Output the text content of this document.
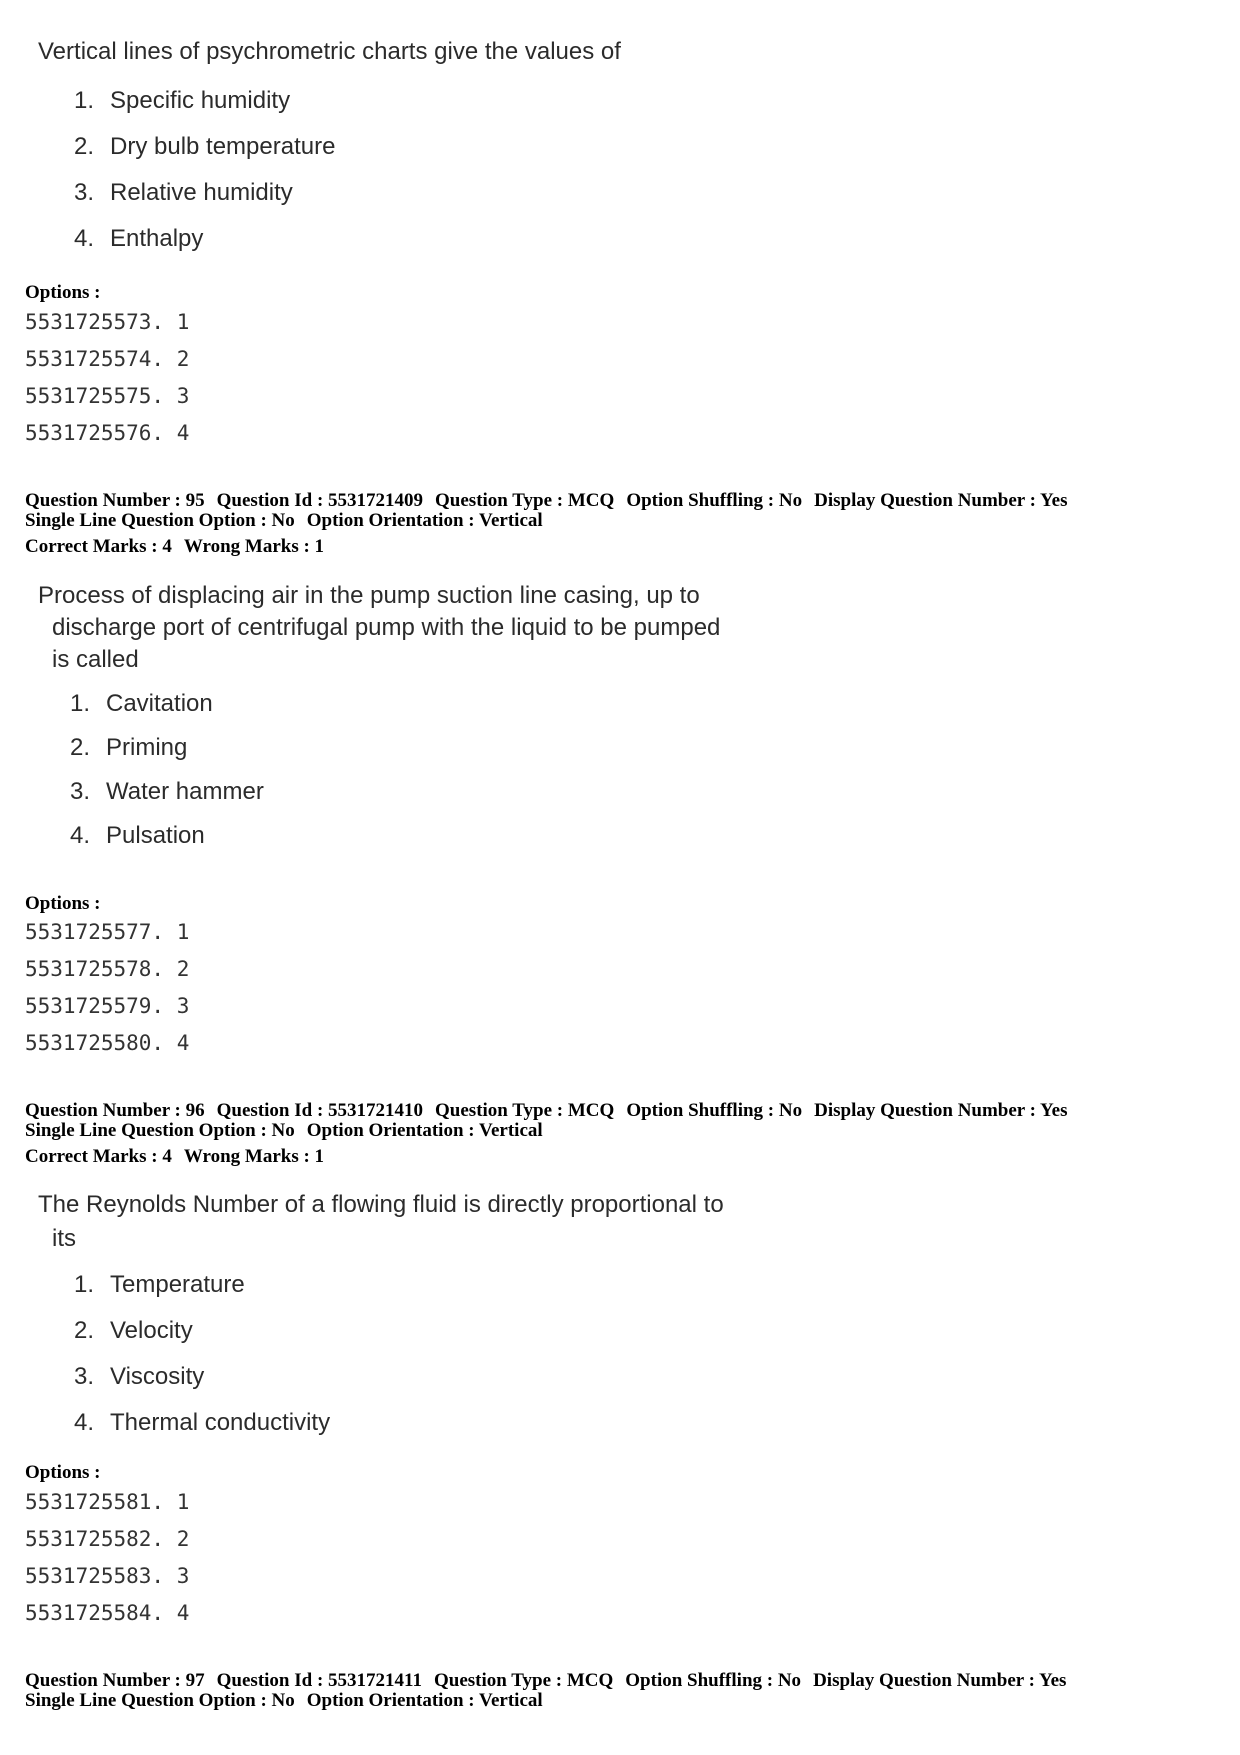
Vertical lines of psychrometric charts give the values of

1. Specific humidity
2. Dry bulb temperature
3. Relative humidity
4. Enthalpy
Options :
5531725573. 1
5531725574. 2
5531725575. 3
5531725576. 4
Question Number : 95 Question Id : 5531721409 Question Type : MCQ Option Shuffling : No Display Question Number : Yes
Single Line Question Option : No Option Orientation : Vertical
Correct Marks : 4 Wrong Marks : 1

Process of displacing air in the pump suction line casing, up to
discharge port of centrifugal pump with the liquid to be pumped
is called

1. Cavitation
2. Priming
3. Water hammer
4. Pulsation
Options :
5531725577. 1
5531725578. 2
5531725579. 3
5531725580. 4
Question Number : 96 Question Id : 5531721410 Question Type : MCQ Option Shuffling : No Display Question Number : Yes
Single Line Question Option : No Option Orientation : Vertical
Correct Marks : 4 Wrong Marks : 1

The Reynolds Number of a flowing fluid is directly proportional to
its

1. Temperature
2. Velocity
3. Viscosity
4. Thermal conductivity
Options :
5531725581. 1
5531725582. 2
5531725583. 3
5531725584. 4
Question Number : 97 Question Id : 5531721411 Question Type : MCQ Option Shuffling : No Display Question Number : Yes
Single Line Question Option : No Option Orientation : Vertical
